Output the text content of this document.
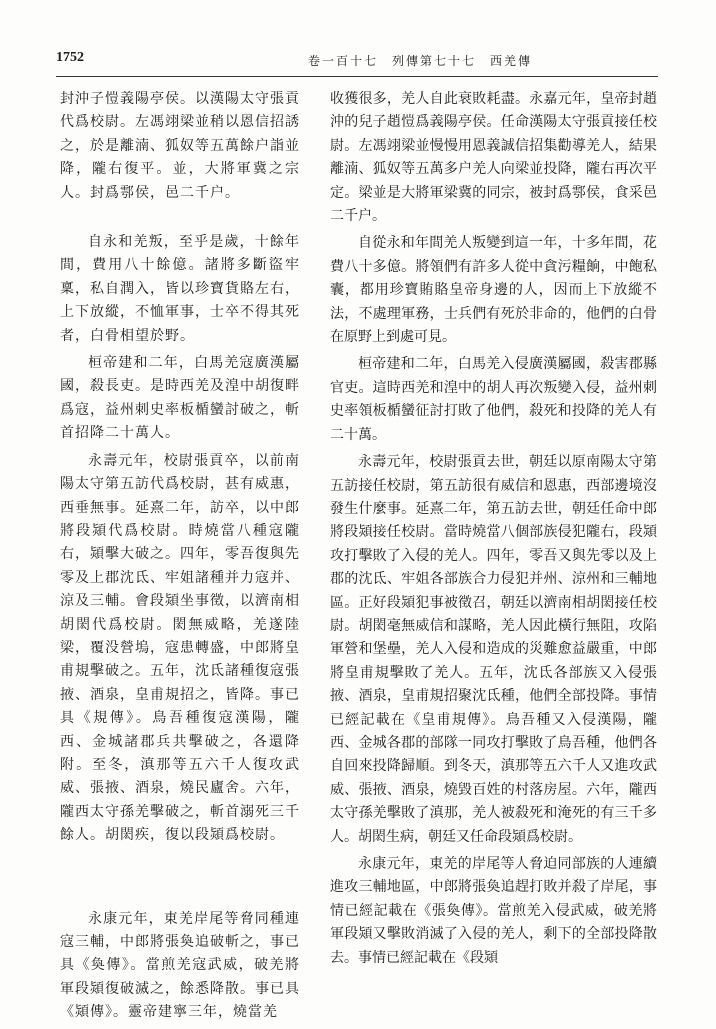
1752	卷一百十七　列傳第七十七　西羌傳

封沖子愷義陽亭侯。以漢陽太守張貢代爲校尉。左馮翊梁並稍以恩信招誘之，於是離湳、狐奴等五萬餘户詣並降，隴右復平。並，大將軍冀之宗人。封爲鄠侯，邑二千户。

自永和羌叛，至乎是歲，十餘年間，費用八十餘億。諸將多斷盜牢稟，私自潤入，皆以珍寶貨賂左右，上下放縱，不恤軍事，士卒不得其死者，白骨相望於野。

桓帝建和二年，白馬羌寇廣漢屬國，殺長吏。是時西羌及湟中胡復畔爲寇，益州刺史率板楯蠻討破之，斬首招降二十萬人。

永壽元年，校尉張貢卒，以前南陽太守第五訪代爲校尉，甚有威惠，西垂無事。延熹二年，訪卒，以中郎將段熲代爲校尉。時燒當八種寇隴右，熲擊大破之。四年，零吾復與先零及上郡沈氐、牢姐諸種并力寇并、涼及三輔。會段熲坐事徵，以濟南相胡閎代爲校尉。閎無威略，羌遂陸梁，覆没營塢，寇患轉盛，中郎將皇甫規擊破之。五年，沈氐諸種復寇張掖、酒泉，皇甫規招之，皆降。事已具《規傳》。鳥吾種復寇漢陽，隴西、金城諸郡兵共擊破之，各還降附。至冬，滇那等五六千人復攻武威、張掖、酒泉，燒民廬舍。六年，隴西太守孫羌擊破之，斬首溺死三千餘人。胡閎疾，復以段熲爲校尉。

永康元年，東羌岸尾等脅同種連寇三輔，中郎將張奐追破斬之，事已具《奐傳》。當煎羌寇武威，破羌將軍段熲復破滅之，餘悉降散。事已具《熲傳》。靈帝建寧三年，燒當羌

收獲很多，羌人自此衰敗耗盡。永嘉元年，皇帝封趙沖的兒子趙愷爲義陽亭侯。任命漢陽太守張貢接任校尉。左馮翊梁並慢慢用恩義誠信招集勸導羌人，結果離湳、狐奴等五萬多户羌人向梁並投降，隴右再次平定。梁並是大將軍梁冀的同宗，被封爲鄠侯，食采邑二千户。

自從永和年間羌人叛變到這一年，十多年間，花費八十多億。將領們有許多人從中貪污糧餉，中飽私囊，都用珍寶賄賂皇帝身邊的人，因而上下放縱不法，不處理軍務，士兵們有死於非命的，他們的白骨在原野上到處可見。

桓帝建和二年，白馬羌入侵廣漢屬國，殺害郡縣官吏。這時西羌和湟中的胡人再次叛變入侵，益州刺史率領板楯蠻征討打敗了他們，殺死和投降的羌人有二十萬。

永壽元年，校尉張貢去世，朝廷以原南陽太守第五訪接任校尉，第五訪很有威信和恩惠，西部邊境沒發生什麼事。延熹二年，第五訪去世，朝廷任命中郎將段熲接任校尉。當時燒當八個部族侵犯隴右，段熲攻打擊敗了入侵的羌人。四年，零吾又與先零以及上郡的沈氐、牢姐各部族合力侵犯并州、涼州和三輔地區。正好段熲犯事被徵召，朝廷以濟南相胡閎接任校尉。胡閎毫無威信和謀略，羌人因此橫行無阻，攻陷軍營和堡壘，羌人入侵和造成的災難愈益嚴重，中郎將皇甫規擊敗了羌人。五年，沈氐各部族又入侵張掖、酒泉，皇甫規招聚沈氐種，他們全部投降。事情已經記載在《皇甫規傳》。鳥吾種又入侵漢陽，隴西、金城各郡的部隊一同攻打擊敗了鳥吾種，他們各自回來投降歸順。到冬天，滇那等五六千人又進攻武威、張掖、酒泉，燒毀百姓的村落房屋。六年，隴西太守孫羌擊敗了滇那，羌人被殺死和淹死的有三千多人。胡閎生病，朝廷又任命段熲爲校尉。

永康元年，東羌的岸尾等人脅迫同部族的人連續進攻三輔地區，中郎將張奐追趕打敗并殺了岸尾，事情已經記載在《張奐傳》。當煎羌入侵武威，破羌將軍段熲又擊敗消滅了入侵的羌人，剩下的全部投降散去。事情已經記載在《段熲
